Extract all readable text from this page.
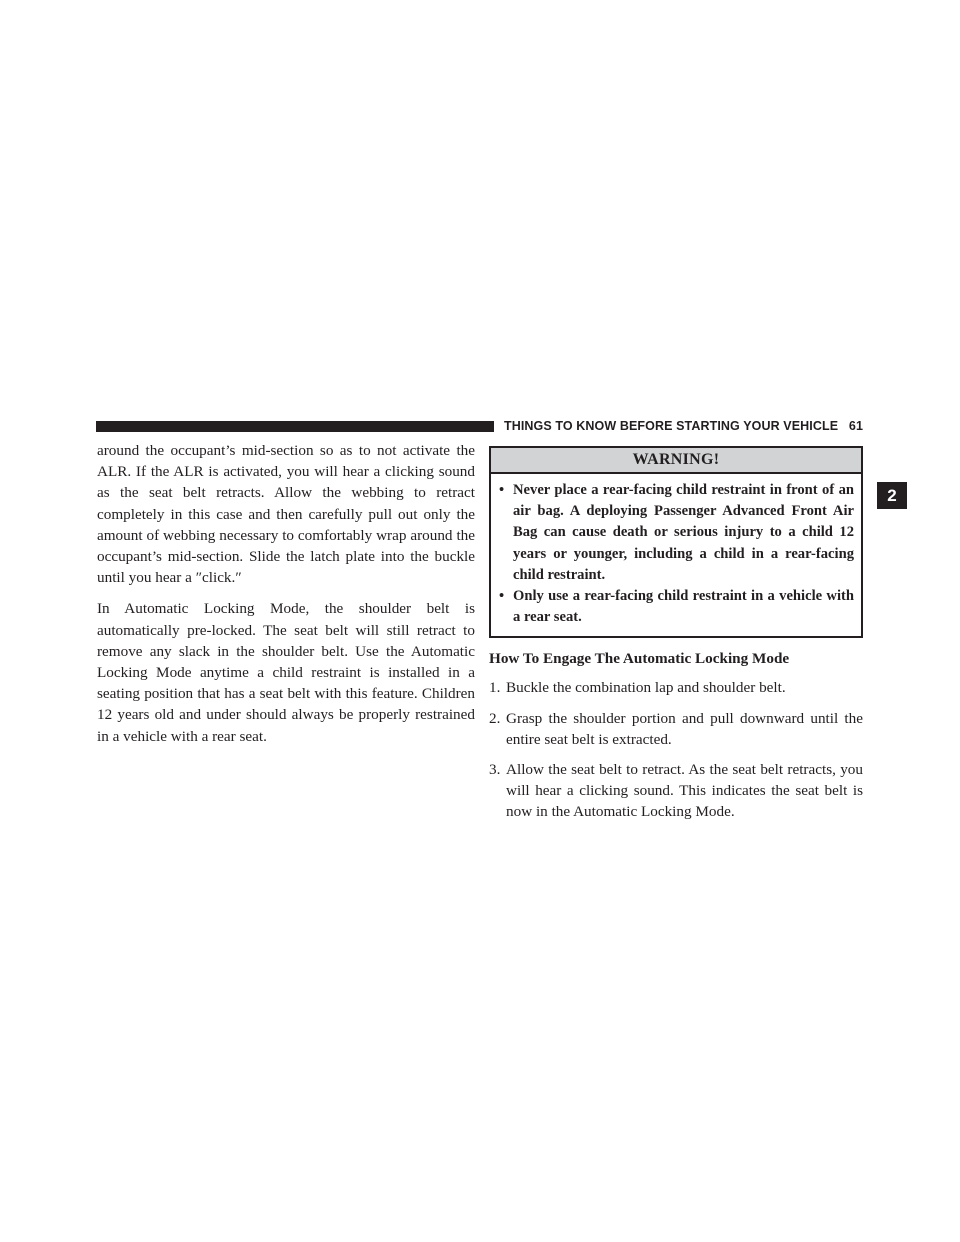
THINGS TO KNOW BEFORE STARTING YOUR VEHICLE 61
2

around the occupant’s mid-section so as to not activate the ALR. If the ALR is activated, you will hear a clicking sound as the seat belt retracts. Allow the webbing to retract completely in this case and then carefully pull out only the amount of webbing necessary to comfortably wrap around the occupant’s mid-section. Slide the latch plate into the buckle until you hear a ″click.″

In Automatic Locking Mode, the shoulder belt is automatically pre-locked. The seat belt will still retract to remove any slack in the shoulder belt. Use the Automatic Locking Mode anytime a child restraint is installed in a seating position that has a seat belt with this feature. Children 12 years old and under should always be properly restrained in a vehicle with a rear seat.

WARNING!
• Never place a rear-facing child restraint in front of an air bag. A deploying Passenger Advanced Front Air Bag can cause death or serious injury to a child 12 years or younger, including a child in a rear-facing child restraint.
• Only use a rear-facing child restraint in a vehicle with a rear seat.
How To Engage The Automatic Locking Mode
1. Buckle the combination lap and shoulder belt.
2. Grasp the shoulder portion and pull downward until the entire seat belt is extracted.
3. Allow the seat belt to retract. As the seat belt retracts, you will hear a clicking sound. This indicates the seat belt is now in the Automatic Locking Mode.
